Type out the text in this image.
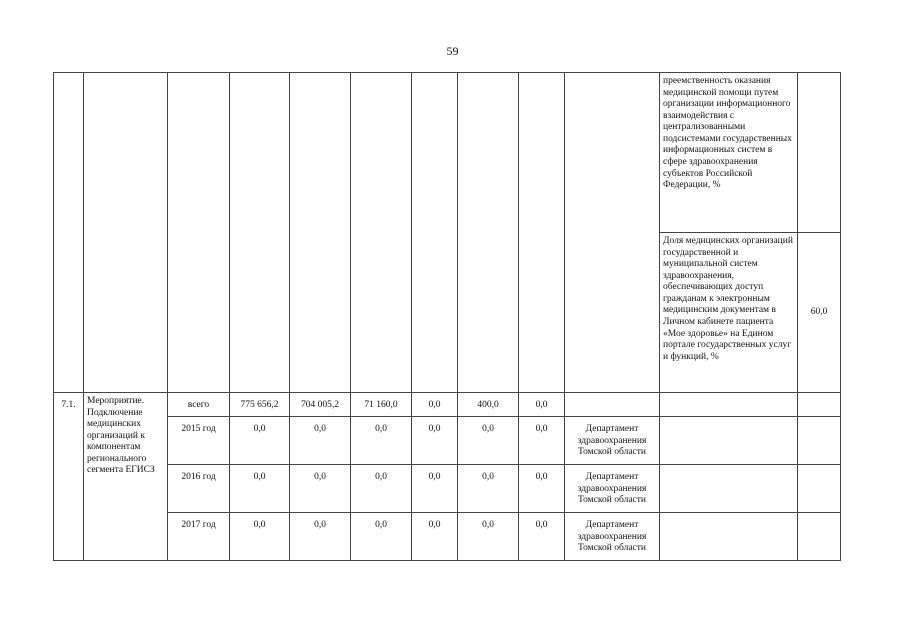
59
										преемственность оказания медицинской помощи путем организации информационного взаимодействия с централизованными подсистемами государственных информационных систем в сфере здравоохранения субъектов Российской Федерации, %	
										Доля медицинских организаций государственной и муниципальной систем здравоохранения, обеспечивающих доступ гражданам к электронным медицинским документам в Личном кабинете пациента «Мое здоровье» на Едином портале государственных услуг и функций, %	60,0
7.1.	Мероприятие. Подключение медицинских организаций к компонентам регионального сегмента ЕГИСЗ	всего	775 656,2	704 005,2	71 160,0	0,0	400,0	0,0			
		2015 год	0,0	0,0	0,0	0,0	0,0	0,0	Департамент здравоохранения Томской области		
		2016 год	0,0	0,0	0,0	0,0	0,0	0,0	Департамент здравоохранения Томской области		
		2017 год	0,0	0,0	0,0	0,0	0,0	0,0	Департамент здравоохранения Томской области		
